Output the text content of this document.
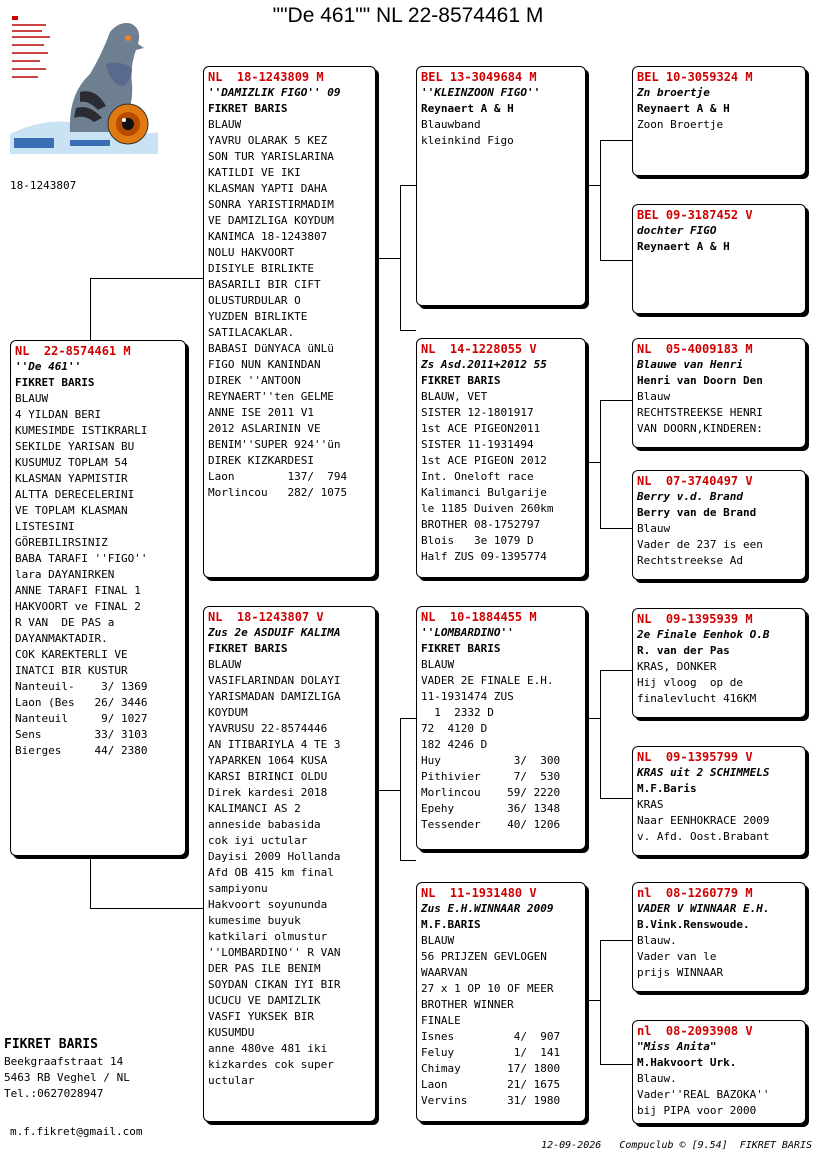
""De 461"" NL 22-8574461 M
18-1243807
NL  22-8574461 M
''De 461''
FIKRET BARIS
BLAUW
4 YILDAN BERI
KUMESIMDE ISTIKRARLI
SEKILDE YARISAN BU
KUSUMUZ TOPLAM 54
KLASMAN YAPMISTIR
ALTTA DERECELERINI
VE TOPLAM KLASMAN
LISTESINI
GÖREBILIRSINIZ
BABA TARAFI ''FIGO''
lara DAYANIRKEN
ANNE TARAFI FINAL 1
HAKVOORT ve FINAL 2
R VAN  DE PAS a
DAYANMAKTADIR.
COK KAREKTERLI VE
INATCI BIR KUSTUR
Nanteuil-    3/ 1369
Laon (Bes   26/ 3446
Nanteuil     9/ 1027
Sens        33/ 3103
Bierges     44/ 2380
NL  18-1243809 M
''DAMIZLIK FIGO'' 09
FIKRET BARIS
BLAUW
YAVRU OLARAK 5 KEZ
SON TUR YARISLARINA
KATILDI VE IKI
KLASMAN YAPTI DAHA
SONRA YARISTIRMADIM
VE DAMIZLIGA KOYDUM
KANIMCA 18-1243807
NOLU HAKVOORT
DISIYLE BIRLIKTE
BASARILI BIR CIFT
OLUSTURDULAR O
YUZDEN BIRLIKTE
SATILACAKLAR.
BABASI DüNYACA üNLü
FIGO NUN KANINDAN
DIREK ''ANTOON
REYNAERT''ten GELME
ANNE ISE 2011 V1
2012 ASLARININ VE
BENIM''SUPER 924''ün
DIREK KIZKARDESI
Laon        137/  794
Morlincou   282/ 1075
NL  18-1243807 V
Zus 2e ASDUIF KALIMA
FIKRET BARIS
BLAUW
VASIFLARINDAN DOLAYI
YARISMADAN DAMIZLIGA
KOYDUM
YAVRUSU 22-8574446
AN ITIBARIYLA 4 TE 3
YAPARKEN 1064 KUSA
KARSI BIRINCI OLDU
Direk kardesi 2018
KALIMANCI AS 2
anneside babasida
cok iyi uctular
Dayisi 2009 Hollanda
Afd OB 415 km final
sampiyonu
Hakvoort soyununda
kumesime buyuk
katkilari olmustur
''LOMBARDINO'' R VAN
DER PAS ILE BENIM
SOYDAN CIKAN IYI BIR
UCUCU VE DAMIZLIK
VASFI YUKSEK BIR
KUSUMDU
anne 480ve 481 iki
kizkardes cok super
uctular
BEL 13-3049684 M
''KLEINZOON FIGO''
Reynaert A & H
Blauwband
kleinkind Figo
NL  14-1228055 V
Zs Asd.2011+2012 55
FIKRET BARIS
BLAUW, VET
SISTER 12-1801917
1st ACE PIGEON2011
SISTER 11-1931494
1st ACE PIGEON 2012
Int. Oneloft race
Kalimanci Bulgarije
le 1185 Duiven 260km
BROTHER 08-1752797
Blois   3e 1079 D
Half ZUS 09-1395774
NL  10-1884455 M
''LOMBARDINO''
FIKRET BARIS
BLAUW
VADER 2E FINALE E.H.
11-1931474 ZUS
1  2332 D
72  4120 D
182 4246 D
Huy           3/  300
Pithivier     7/  530
Morlincou    59/ 2220
Epehy        36/ 1348
Tessender    40/ 1206
NL  11-1931480 V
Zus E.H.WINNAAR 2009
M.F.BARIS
BLAUW
56 PRIJZEN GEVLOGEN
WAARVAN
27 x 1 OP 10 OF MEER
BROTHER WINNER
FINALE
Isnes         4/  907
Feluy         1/  141
Chimay       17/ 1800
Laon         21/ 1675
Vervins      31/ 1980
BEL 10-3059324 M
Zn broertje
Reynaert A & H
Zoon Broertje
BEL 09-3187452 V
dochter FIGO
Reynaert A & H
NL  05-4009183 M
Blauwe van Henri
Henri van Doorn Den
Blauw
RECHTSTREEKSE HENRI
VAN DOORN,KINDEREN:
NL  07-3740497 V
Berry v.d. Brand
Berry van de Brand
Blauw
Vader de 237 is een
Rechtstreekse Ad
NL  09-1395939 M
2e Finale Eenhok O.B
R. van der Pas
KRAS, DONKER
Hij vloog  op de
finalevlucht 416KM
NL  09-1395799 V
KRAS uit 2 SCHIMMELS
M.F.Baris
KRAS
Naar EENHOKRACE 2009
v. Afd. Oost.Brabant
nl  08-1260779 M
VADER V WINNAAR E.H.
B.Vink.Renswoude.
Blauw.
Vader van le
prijs WINNAAR
nl  08-2093908 V
"Miss Anita"
M.Hakvoort Urk.
Blauw.
Vader''REAL BAZOKA''
bij PIPA voor 2000
FIKRET BARIS
Beekgraafstraat 14
5463 RB Veghel / NL
Tel.:0627028947
m.f.fikret@gmail.com
12-09-2026   Compuclub © [9.54]  FIKRET BARIS
